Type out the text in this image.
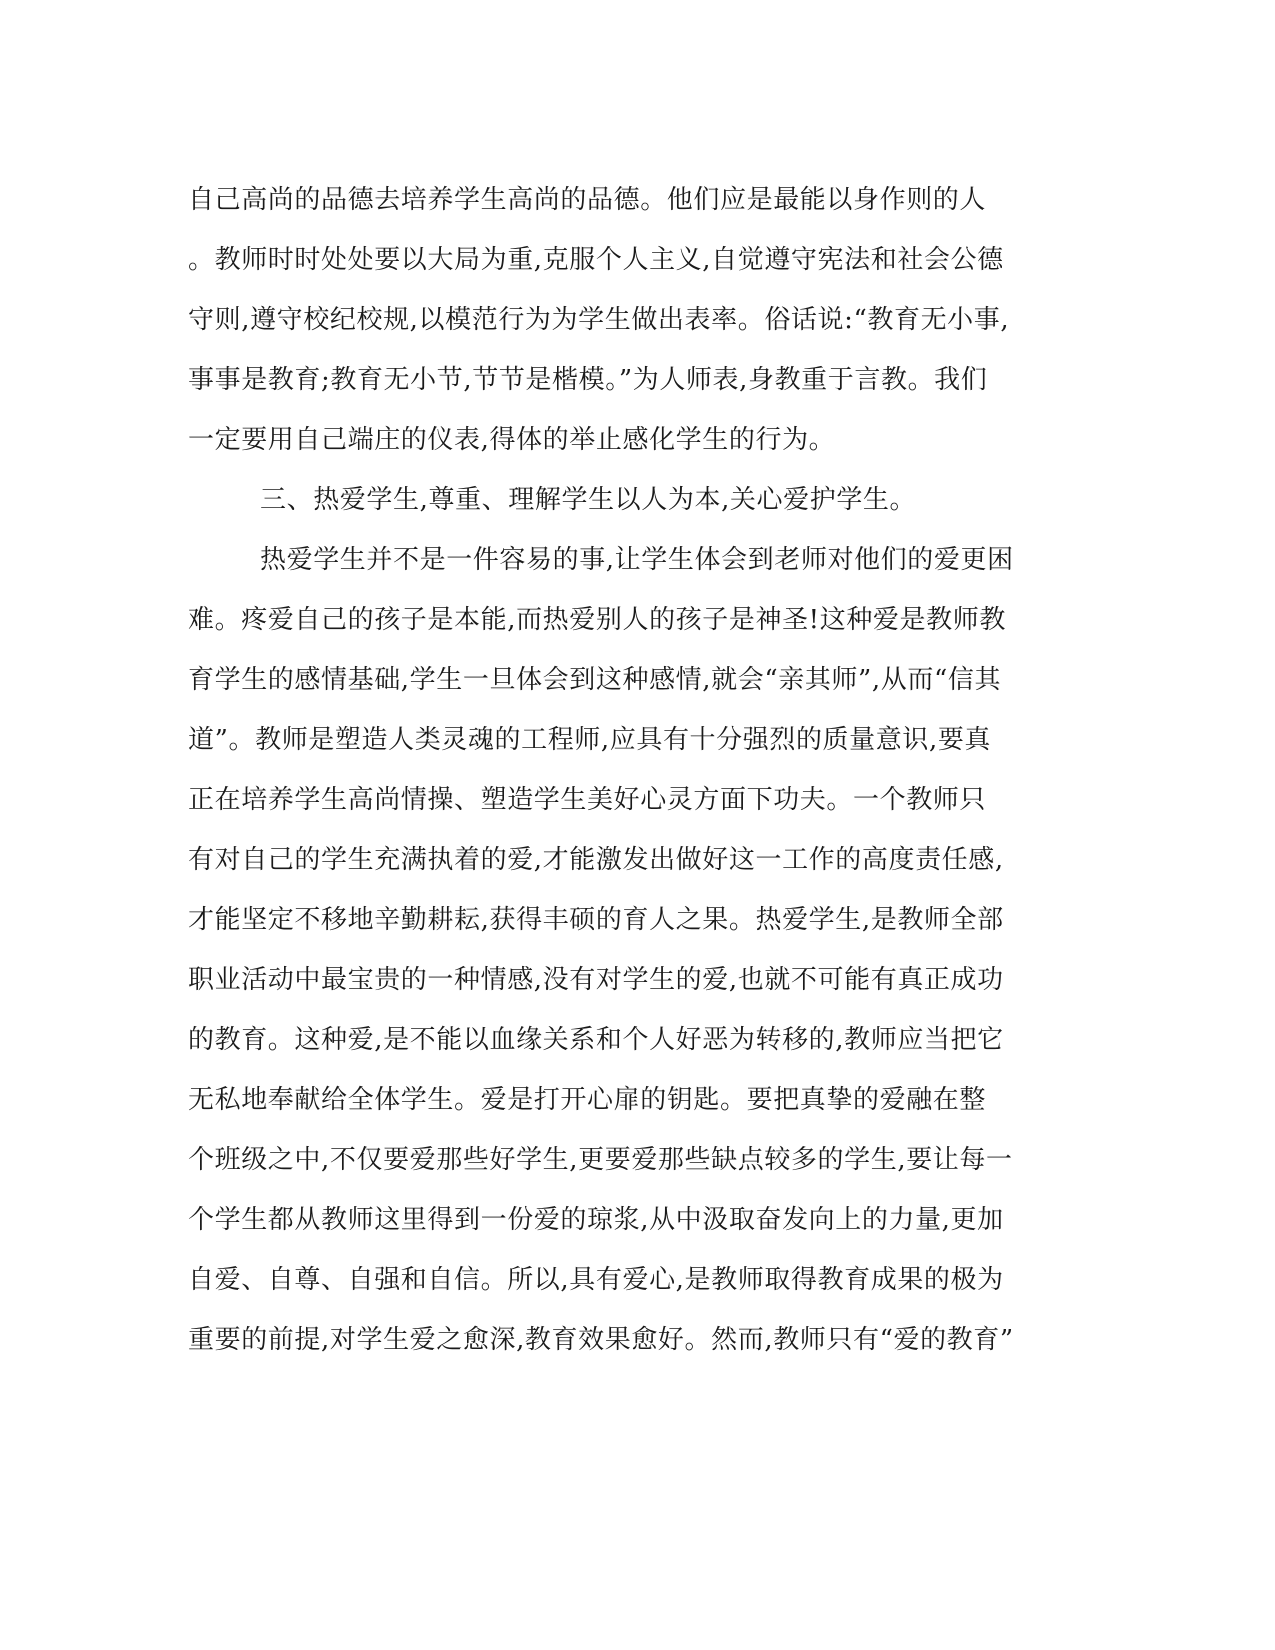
自己高尚的品德去培养学生高尚的品德。他们应是最能以身作则的人
。教师时时处处要以大局为重,克服个人主义,自觉遵守宪法和社会公德
守则,遵守校纪校规,以模范行为为学生做出表率。俗话说:“教育无小事,
事事是教育;教育无小节,节节是楷模。”为人师表,身教重于言教。我们
一定要用自己端庄的仪表,得体的举止感化学生的行为。
三、热爱学生,尊重、理解学生以人为本,关心爱护学生。
热爱学生并不是一件容易的事,让学生体会到老师对他们的爱更困
难。疼爱自己的孩子是本能,而热爱别人的孩子是神圣!这种爱是教师教
育学生的感情基础,学生一旦体会到这种感情,就会“亲其师”,从而“信其
道”。教师是塑造人类灵魂的工程师,应具有十分强烈的质量意识,要真
正在培养学生高尚情操、塑造学生美好心灵方面下功夫。一个教师只
有对自己的学生充满执着的爱,才能激发出做好这一工作的高度责任感,
才能坚定不移地辛勤耕耘,获得丰硕的育人之果。热爱学生,是教师全部
职业活动中最宝贵的一种情感,没有对学生的爱,也就不可能有真正成功
的教育。这种爱,是不能以血缘关系和个人好恶为转移的,教师应当把它
无私地奉献给全体学生。爱是打开心扉的钥匙。要把真挚的爱融在整
个班级之中,不仅要爱那些好学生,更要爱那些缺点较多的学生,要让每一
个学生都从教师这里得到一份爱的琼浆,从中汲取奋发向上的力量,更加
自爱、自尊、自强和自信。所以,具有爱心,是教师取得教育成果的极为
重要的前提,对学生爱之愈深,教育效果愈好。然而,教师只有“爱的教育”
